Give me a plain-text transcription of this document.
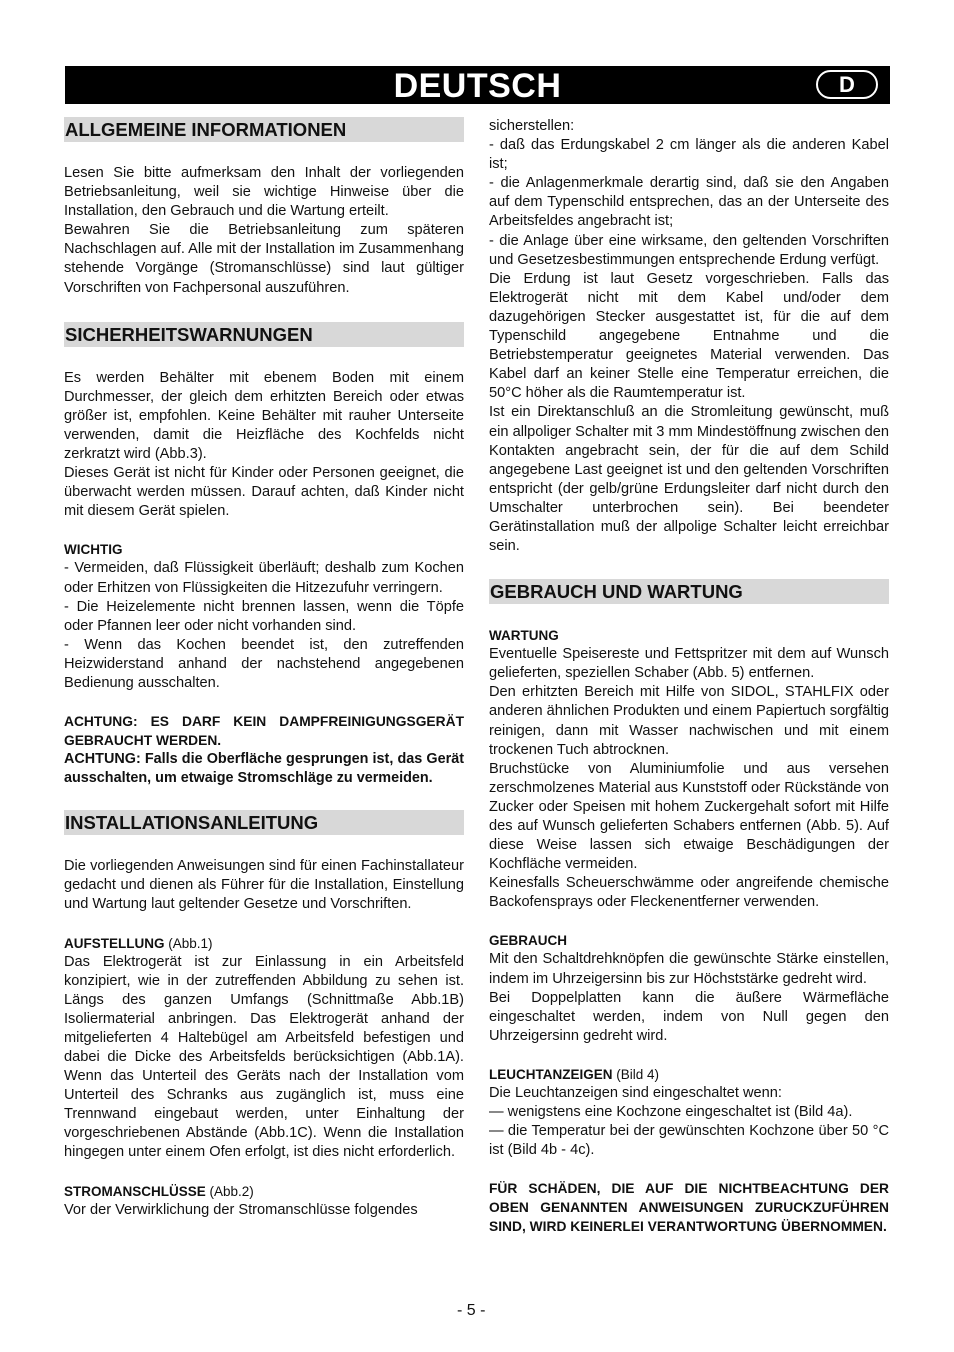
DEUTSCH	D
ALLGEMEINE INFORMATIONEN

Lesen Sie bitte aufmerksam den Inhalt der vorliegenden Betriebsanleitung, weil sie wichtige Hinweise über die Installation, den Gebrauch und die Wartung erteilt.

Bewahren Sie die Betriebsanleitung zum späteren Nachschlagen auf. Alle mit der Installation im Zusammenhang stehende Vorgänge (Stromanschlüsse) sind laut gültiger Vorschriften von Fachpersonal auszuführen.

SICHERHEITSWARNUNGEN

Es werden Behälter mit ebenem Boden mit einem Durchmesser, der gleich dem erhitzten Bereich oder etwas größer ist, empfohlen. Keine Behälter mit rauher Unterseite verwenden, damit die Heizfläche des Kochfelds nicht zerkratzt wird (Abb.3).

Dieses Gerät ist nicht für Kinder oder Personen geeignet, die überwacht werden müssen. Darauf achten, daß Kinder nicht mit diesem Gerät spielen.

WICHTIG

- Vermeiden, daß Flüssigkeit überläuft; deshalb zum Kochen oder Erhitzen von Flüssigkeiten die Hitzezufuhr verringern.

- Die Heizelemente nicht brennen lassen, wenn die Töpfe oder Pfannen leer oder nicht vorhanden sind.

- Wenn das Kochen beendet ist, den zutreffenden Heizwiderstand anhand der nachstehend angegebenen Bedienung ausschalten.

ACHTUNG: ES DARF KEIN DAMPFREINIGUNGSGERÄT GEBRAUCHT WERDEN.

ACHTUNG: Falls die Oberfläche gesprungen ist, das Gerät ausschalten, um etwaige Stromschläge zu vermeiden.

INSTALLATIONSANLEITUNG

Die vorliegenden Anweisungen sind für einen Fachinstallateur gedacht und dienen als Führer für die Installation, Einstellung und Wartung laut geltender Gesetze und Vorschriften.

AUFSTELLUNG (Abb.1)

Das Elektrogerät ist zur Einlassung in ein Arbeitsfeld konzipiert, wie in der zutreffenden Abbildung zu sehen ist. Längs des ganzen Umfangs (Schnittmaße Abb.1B) Isoliermaterial anbringen. Das Elektrogerät anhand der mitgelieferten 4 Haltebügel am Arbeitsfeld befestigen und dabei die Dicke des Arbeitsfelds berücksichtigen (Abb.1A). Wenn das Unterteil des Geräts nach der Installation vom Unterteil des Schranks aus zugänglich ist, muss eine Trennwand eingebaut werden, unter Einhaltung der vorgeschriebenen Abstände (Abb.1C). Wenn die Installation hingegen unter einem Ofen erfolgt, ist dies nicht erforderlich.

STROMANSCHLÜSSE (Abb.2)

Vor der Verwirklichung der Stromanschlüsse folgendes

sicherstellen:

- daß das Erdungskabel 2 cm länger als die anderen Kabel ist;

- die Anlagenmerkmale derartig sind, daß sie den Angaben auf dem Typenschild entsprechen, das an der Unterseite des Arbeitsfeldes angebracht ist;

- die Anlage über eine wirksame, den geltenden Vorschriften und Gesetzesbestimmungen entsprechende Erdung verfügt.

Die Erdung ist laut Gesetz vorgeschrieben. Falls das Elektrogerät nicht mit dem Kabel und/oder dem dazugehörigen Stecker ausgestattet ist, für die auf dem Typenschild angegebene Entnahme und die Betriebstemperatur geeignetes Material verwenden. Das Kabel darf an keiner Stelle eine Temperatur erreichen, die 50°C höher als die Raumtemperatur ist.

Ist ein Direktanschluß an die Stromleitung gewünscht, muß ein allpoliger Schalter mit 3 mm Mindestöffnung zwischen den Kontakten angebracht sein, der für die auf dem Schild angegebene Last geeignet ist und den geltenden Vorschriften entspricht (der gelb/grüne Erdungsleiter darf nicht durch den Umschalter unterbrochen sein). Bei beendeter Gerätinstallation muß der allpolige Schalter leicht erreichbar sein.

GEBRAUCH UND WARTUNG

WARTUNG

Eventuelle Speisereste und Fettspritzer mit dem auf Wunsch gelieferten, speziellen Schaber (Abb. 5) entfernen.

Den erhitzten Bereich mit Hilfe von SIDOL, STAHLFIX oder anderen ähnlichen Produkten und einem Papiertuch sorgfältig reinigen, dann mit Wasser nachwischen und mit einem trockenen Tuch abtrocknen.

Bruchstücke von Aluminiumfolie und aus versehen zerschmolzenes Material aus Kunststoff oder Rückstände von Zucker oder Speisen mit hohem Zuckergehalt sofort mit Hilfe des auf Wunsch gelieferten Schabers entfernen (Abb. 5). Auf diese Weise lassen sich etwaige Beschädigungen der Kochfläche vermeiden.

Keinesfalls Scheuerschwämme oder angreifende chemische Backofensprays oder Fleckenentferner verwenden.

GEBRAUCH

Mit den Schaltdrehknöpfen die gewünschte Stärke einstellen, indem im Uhrzeigersinn bis zur Höchststärke gedreht wird.

Bei Doppelplatten kann die äußere Wärmefläche eingeschaltet werden, indem von Null gegen den Uhrzeigersinn gedreht wird.

LEUCHTANZEIGEN (Bild 4)

Die Leuchtanzeigen sind eingeschaltet wenn:

— wenigstens eine Kochzone eingeschaltet ist (Bild 4a).

— die Temperatur bei der gewünschten Kochzone über 50 °C ist (Bild 4b - 4c).

FÜR SCHÄDEN, DIE AUF DIE NICHTBEACHTUNG DER OBEN GENANNTEN ANWEISUNGEN ZURUCKZUFÜHREN SIND, WIRD KEINERLEI VERANTWORTUNG ÜBERNOMMEN.

- 5 -
